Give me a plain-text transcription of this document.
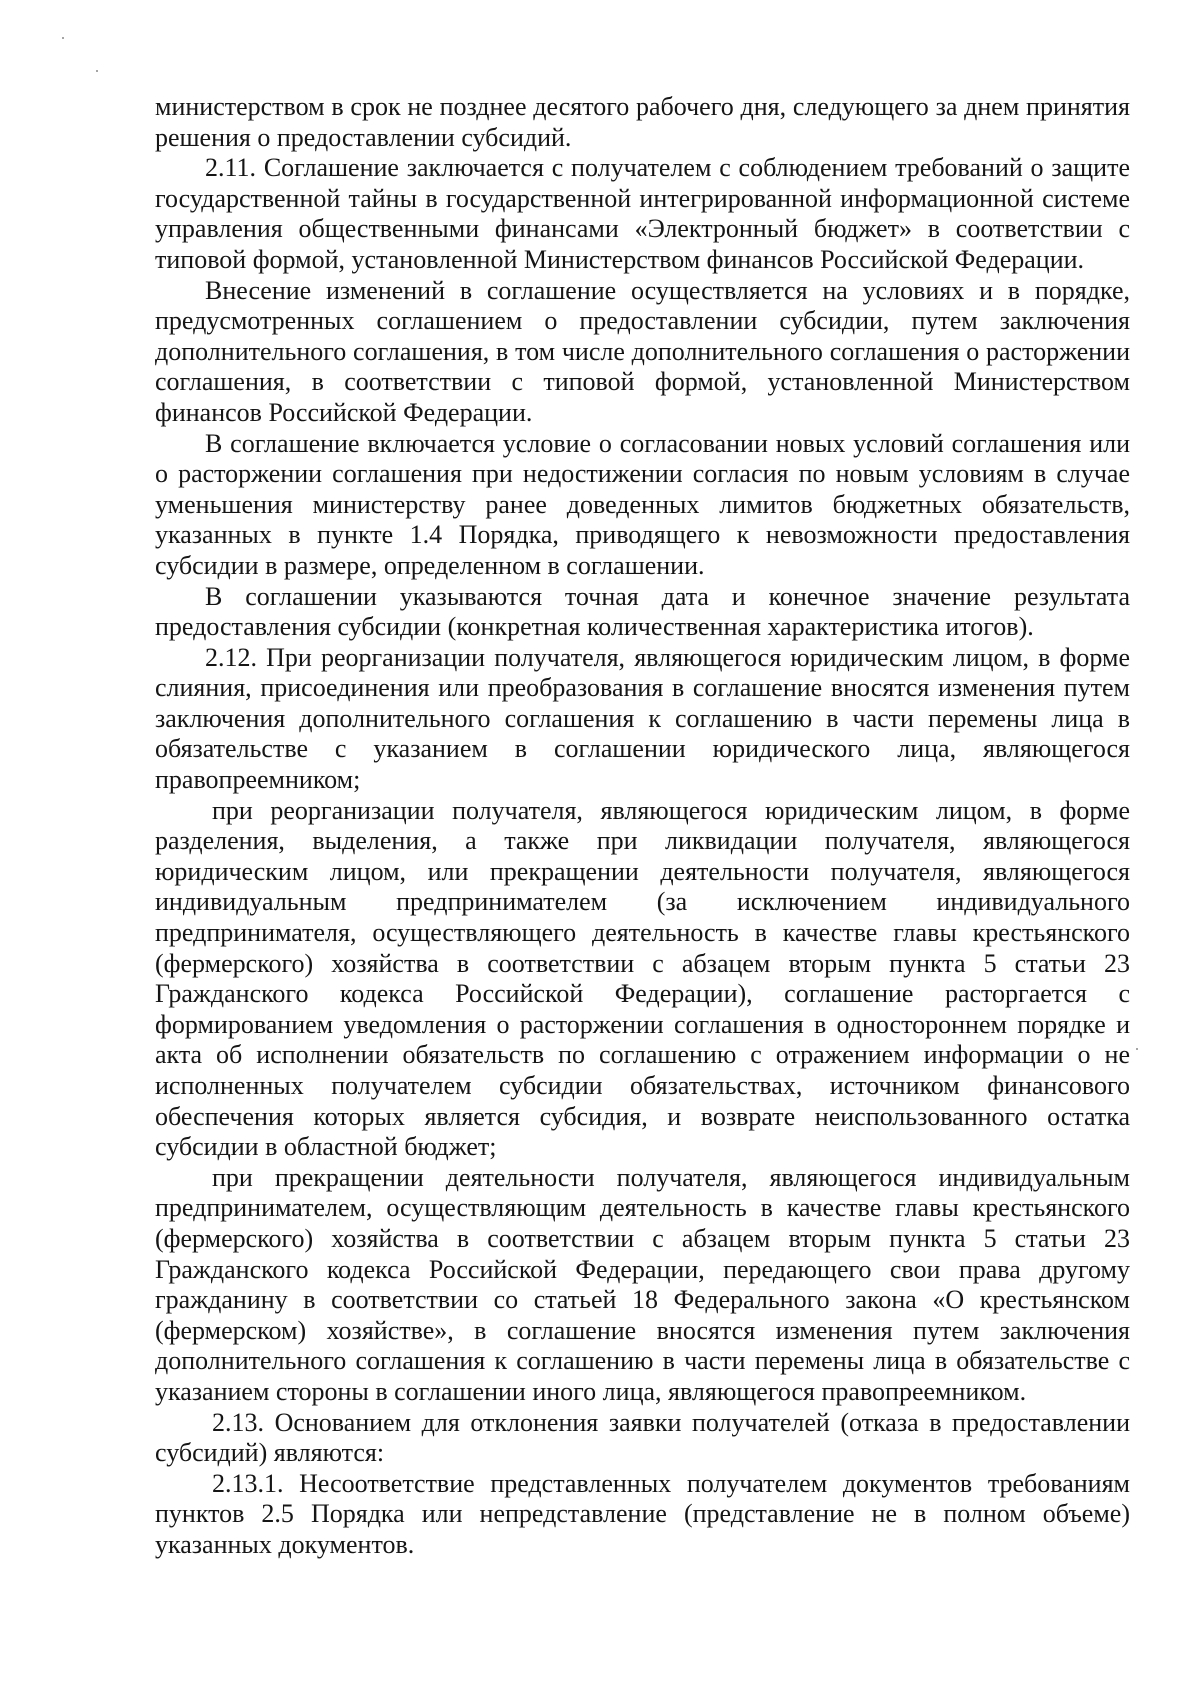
министерством в срок не позднее десятого рабочего дня, следующего за днем принятия решения о предоставлении субсидий.

2.11. Соглашение заключается с получателем с соблюдением требований о защите государственной тайны в государственной интегрированной информационной системе управления общественными финансами «Электронный бюджет» в соответствии с типовой формой, установленной Министерством финансов Российской Федерации.

Внесение изменений в соглашение осуществляется на условиях и в порядке, предусмотренных соглашением о предоставлении субсидии, путем заключения дополнительного соглашения, в том числе дополнительного соглашения о расторжении соглашения, в соответствии с типовой формой, установленной Министерством финансов Российской Федерации.

В соглашение включается условие о согласовании новых условий соглашения или о расторжении соглашения при недостижении согласия по новым условиям в случае уменьшения министерству ранее доведенных лимитов бюджетных обязательств, указанных в пункте 1.4 Порядка, приводящего к невозможности предоставления субсидии в размере, определенном в соглашении.

В соглашении указываются точная дата и конечное значение результата предоставления субсидии (конкретная количественная характеристика итогов).

2.12. При реорганизации получателя, являющегося юридическим лицом, в форме слияния, присоединения или преобразования в соглашение вносятся изменения путем заключения дополнительного соглашения к соглашению в части перемены лица в обязательстве с указанием в соглашении юридического лица, являющегося правопреемником;

при реорганизации получателя, являющегося юридическим лицом, в форме разделения, выделения, а также при ликвидации получателя, являющегося юридическим лицом, или прекращении деятельности получателя, являющегося индивидуальным предпринимателем (за исключением индивидуального предпринимателя, осуществляющего деятельность в качестве главы крестьянского (фермерского) хозяйства в соответствии с абзацем вторым пункта 5 статьи 23 Гражданского кодекса Российской Федерации), соглашение расторгается с формированием уведомления о расторжении соглашения в одностороннем порядке и акта об исполнении обязательств по соглашению с отражением информации о не исполненных получателем субсидии обязательствах, источником финансового обеспечения которых является субсидия, и возврате неиспользованного остатка субсидии в областной бюджет;

при прекращении деятельности получателя, являющегося индивидуальным предпринимателем, осуществляющим деятельность в качестве главы крестьянского (фермерского) хозяйства в соответствии с абзацем вторым пункта 5 статьи 23 Гражданского кодекса Российской Федерации, передающего свои права другому гражданину в соответствии со статьей 18 Федерального закона «О крестьянском (фермерском) хозяйстве», в соглашение вносятся изменения путем заключения дополнительного соглашения к соглашению в части перемены лица в обязательстве с указанием стороны в соглашении иного лица, являющегося правопреемником.

2.13. Основанием для отклонения заявки получателей (отказа в предоставлении субсидий) являются:

2.13.1. Несоответствие представленных получателем документов требованиям пунктов 2.5 Порядка или непредставление (представление не в полном объеме) указанных документов.
